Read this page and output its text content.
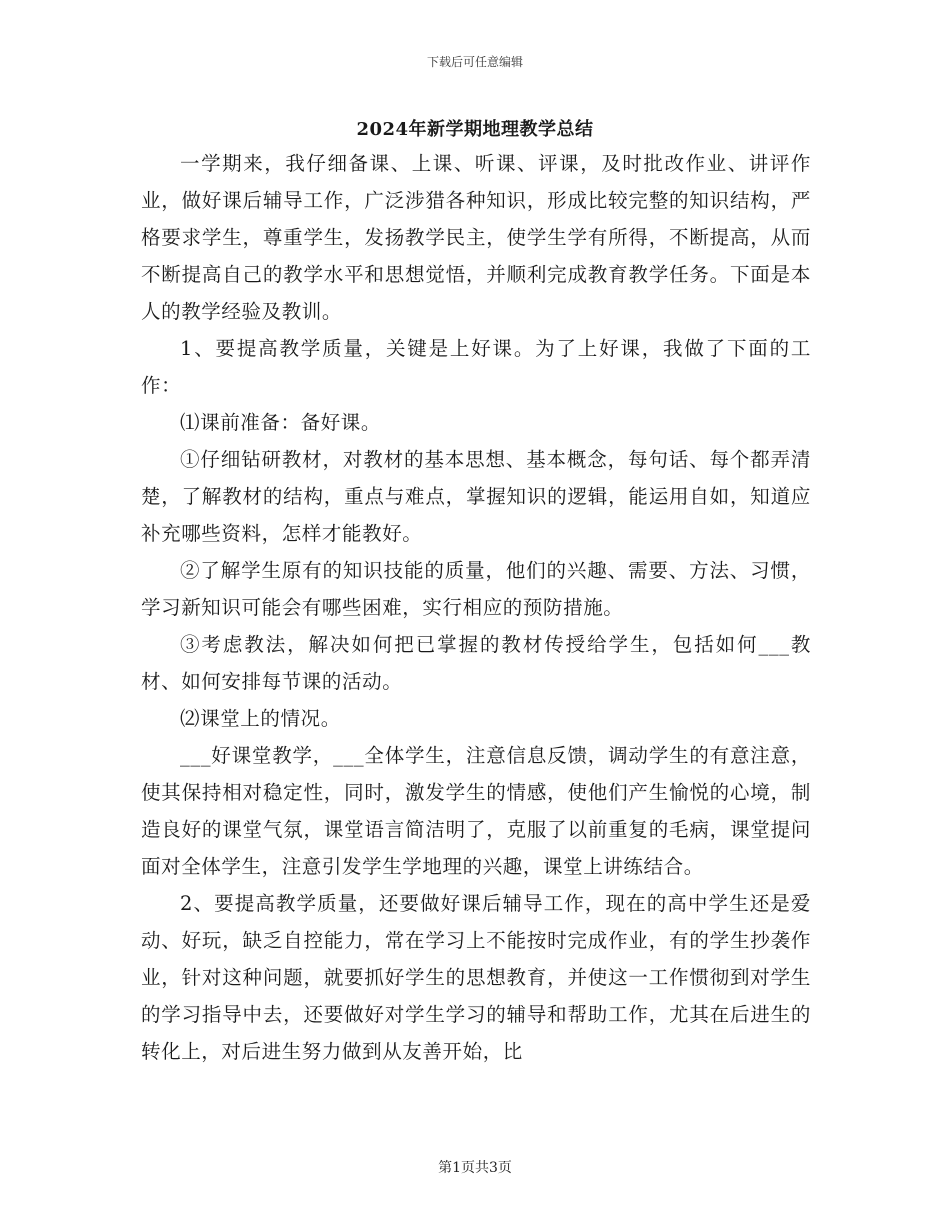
下载后可任意编辑
2024年新学期地理教学总结

一学期来，我仔细备课、上课、听课、评课，及时批改作业、讲评作业，做好课后辅导工作，广泛涉猎各种知识，形成比较完整的知识结构，严格要求学生，尊重学生，发扬教学民主，使学生学有所得，不断提高，从而不断提高自己的教学水平和思想觉悟，并顺利完成教育教学任务。下面是本人的教学经验及教训。

1、要提高教学质量，关键是上好课。为了上好课，我做了下面的工作：

⑴课前准备：备好课。

①仔细钻研教材，对教材的基本思想、基本概念，每句话、每个都弄清楚，了解教材的结构，重点与难点，掌握知识的逻辑，能运用自如，知道应补充哪些资料，怎样才能教好。

②了解学生原有的知识技能的质量，他们的兴趣、需要、方法、习惯，学习新知识可能会有哪些困难，实行相应的预防措施。

③考虑教法，解决如何把已掌握的教材传授给学生，包括如何___教材、如何安排每节课的活动。

⑵课堂上的情况。

___好课堂教学，___全体学生，注意信息反馈，调动学生的有意注意，使其保持相对稳定性，同时，激发学生的情感，使他们产生愉悦的心境，制造良好的课堂气氛，课堂语言简洁明了，克服了以前重复的毛病，课堂提问面对全体学生，注意引发学生学地理的兴趣，课堂上讲练结合。

2、要提高教学质量，还要做好课后辅导工作，现在的高中学生还是爱动、好玩，缺乏自控能力，常在学习上不能按时完成作业，有的学生抄袭作业，针对这种问题，就要抓好学生的思想教育，并使这一工作惯彻到对学生的学习指导中去，还要做好对学生学习的辅导和帮助工作，尤其在后进生的转化上，对后进生努力做到从友善开始，比

第1页共3页
